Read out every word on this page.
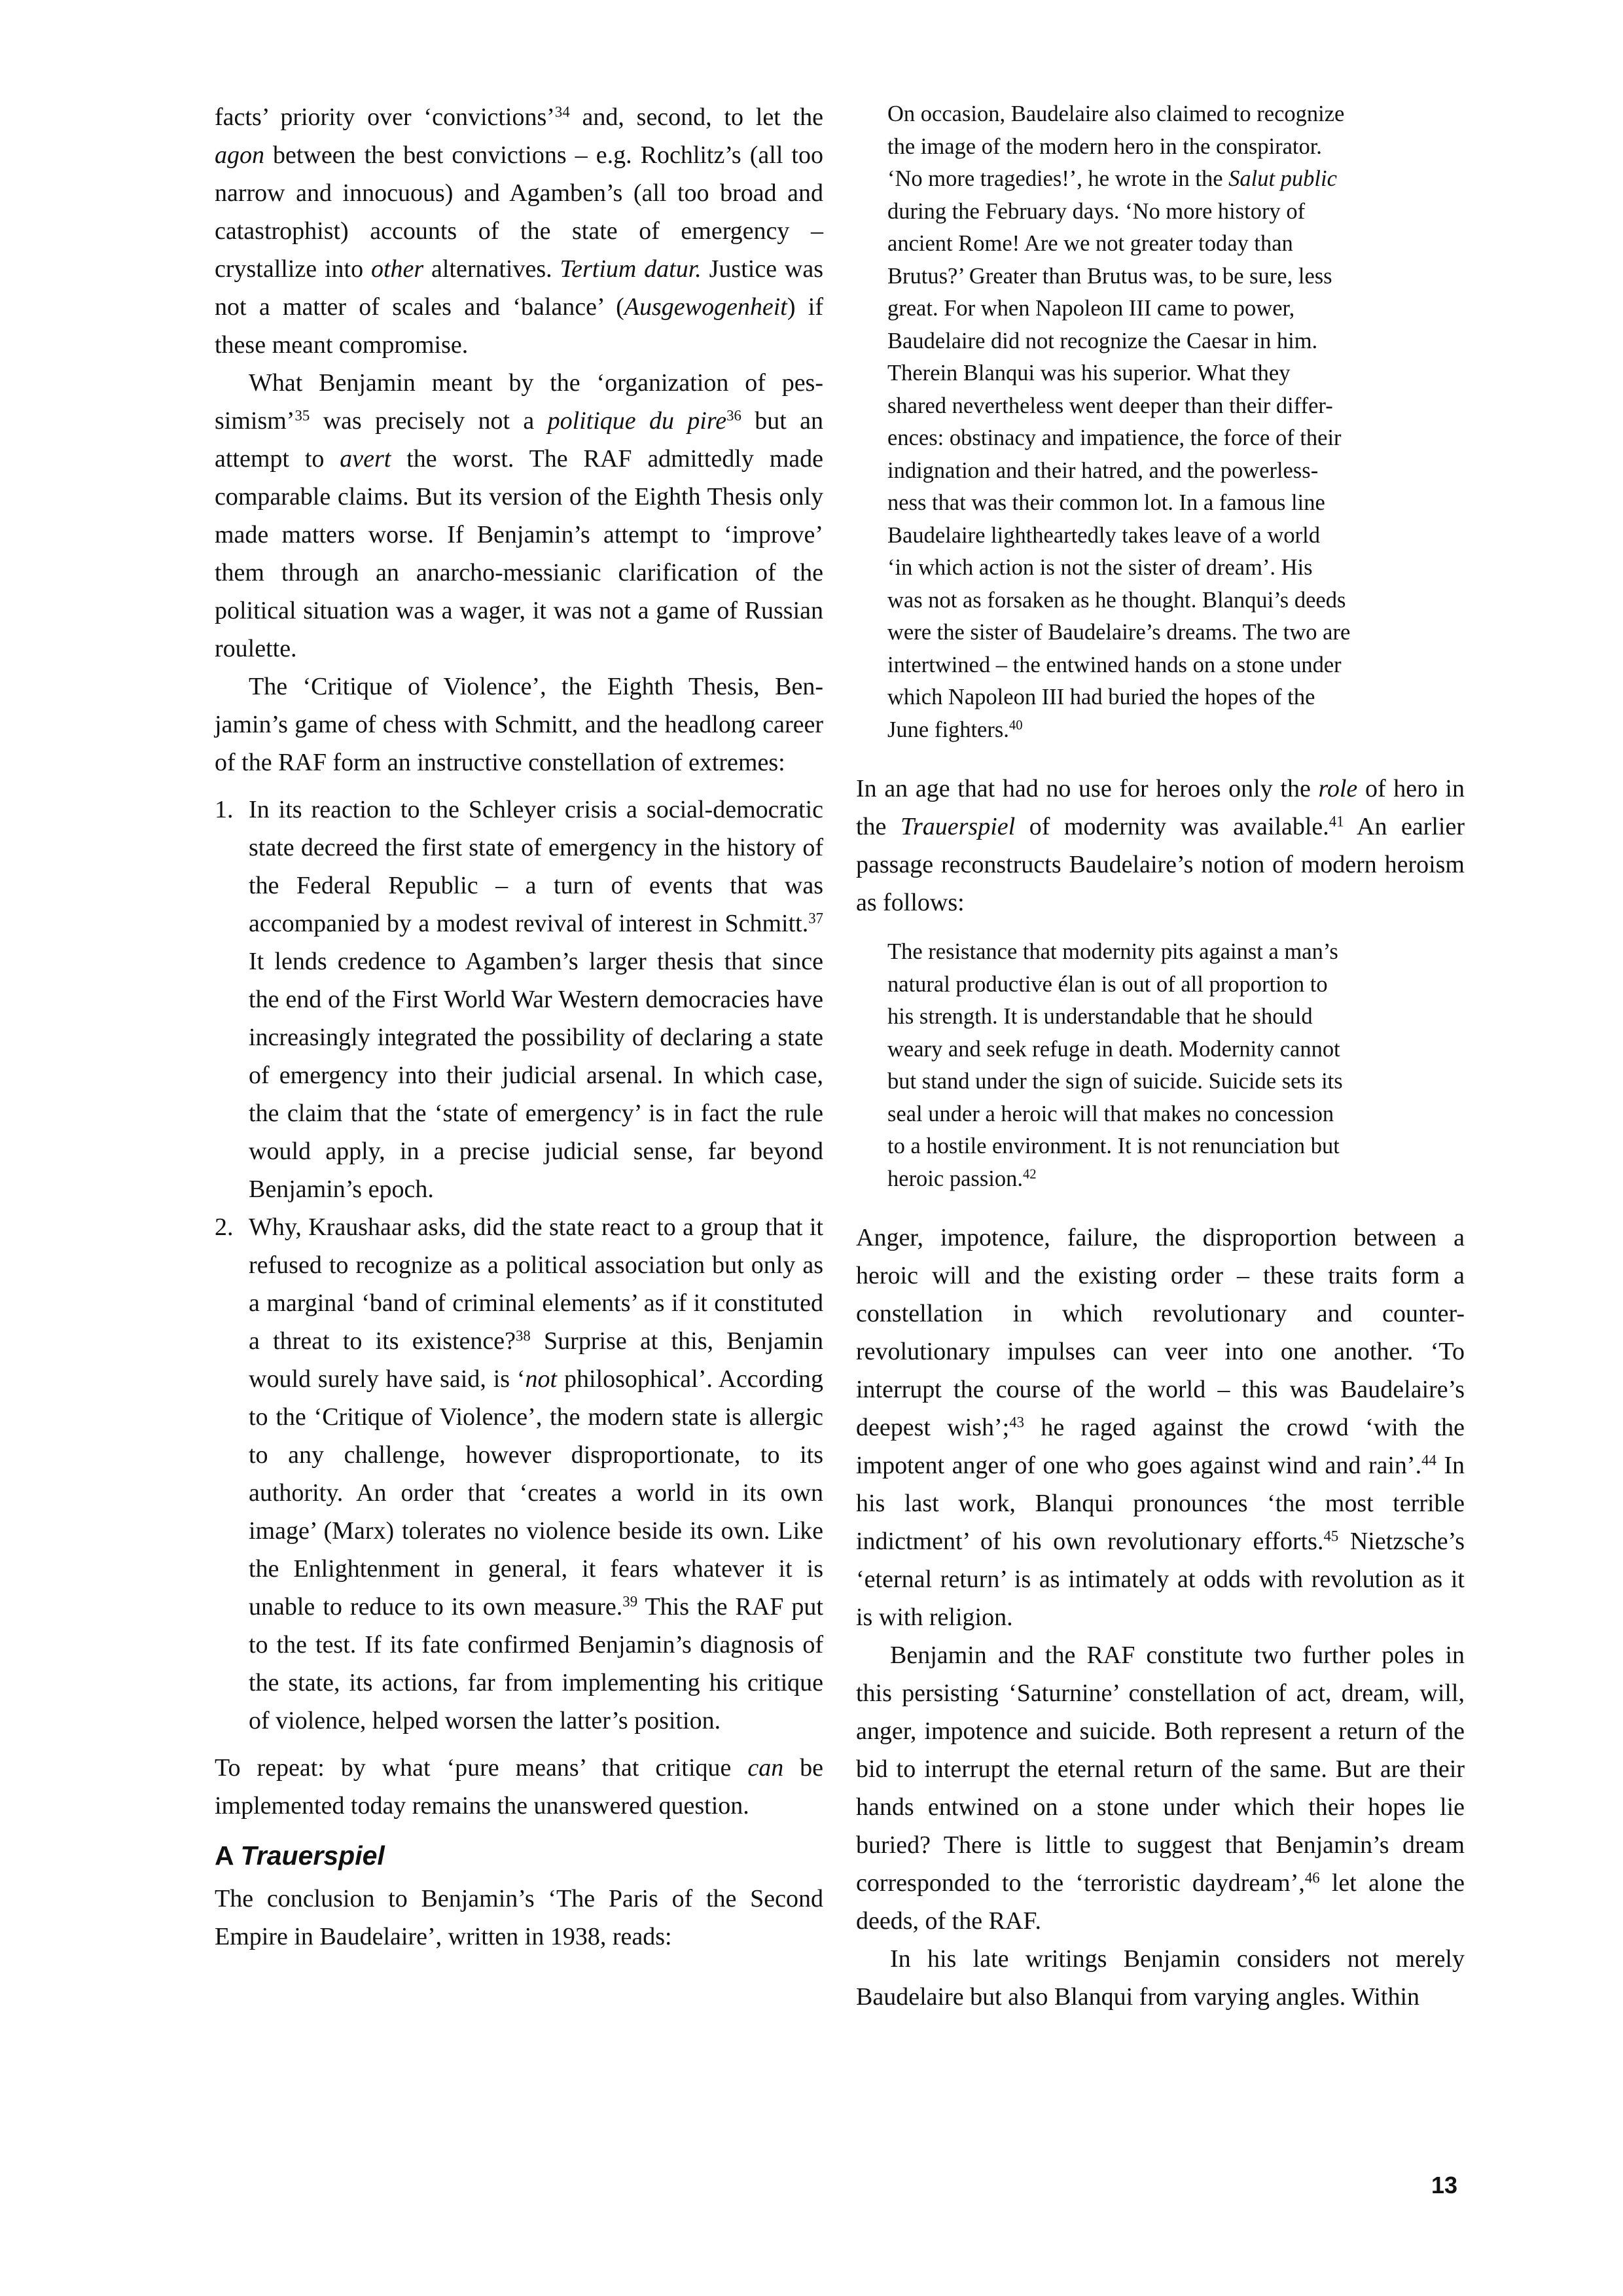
facts’ priority over ‘convictions’$^{34}$ and, second, to let the agon between the best convictions – e.g. Rochlitz’s (all too narrow and innocuous) and Agamben’s (all too broad and catastrophist) accounts of the state of emergency – crystallize into other alternatives. Tertium datur. Justice was not a matter of scales and ‘balance’ (Ausgewogenheit) if these meant compromise.

What Benjamin meant by the ‘organization of pessimism’$^{35}$ was precisely not a politique du pire$^{36}$ but an attempt to avert the worst. The RAF admittedly made comparable claims. But its version of the Eighth Thesis only made matters worse. If Benjamin’s attempt to ‘improve’ them through an anarcho-messianic clarification of the political situation was a wager, it was not a game of Russian roulette.

The ‘Critique of Violence’, the Eighth Thesis, Benjamin’s game of chess with Schmitt, and the headlong career of the RAF form an instructive constellation of extremes:

1. In its reaction to the Schleyer crisis a social-democratic state decreed the first state of emergency in the history of the Federal Republic – a turn of events that was accompanied by a modest revival of interest in Schmitt.$^{37}$ It lends credence to Agamben’s larger thesis that since the end of the First World War Western democracies have increasingly integrated the possibility of declaring a state of emergency into their judicial arsenal. In which case, the claim that the ‘state of emergency’ is in fact the rule would apply, in a precise judicial sense, far beyond Benjamin’s epoch.
2. Why, Kraushaar asks, did the state react to a group that it refused to recognize as a political association but only as a marginal ‘band of criminal elements’ as if it constituted a threat to its existence?$^{38}$ Surprise at this, Benjamin would surely have said, is ‘not philosophical’. According to the ‘Critique of Violence’, the modern state is allergic to any challenge, however disproportionate, to its authority. An order that ‘creates a world in its own image’ (Marx) tolerates no violence beside its own. Like the Enlightenment in general, it fears whatever it is unable to reduce to its own measure.$^{39}$ This the RAF put to the test. If its fate confirmed Benjamin’s diagnosis of the state, its actions, far from implementing his critique of violence, helped worsen the latter’s position.

To repeat: by what ‘pure means’ that critique can be implemented today remains the unanswered question.

A Trauerspiel

The conclusion to Benjamin’s ‘The Paris of the Second Empire in Baudelaire’, written in 1938, reads:

On occasion, Baudelaire also claimed to recognize
the image of the modern hero in the conspirator.
‘No more tragedies!’, he wrote in the Salut public
during the February days. ‘No more history of
ancient Rome! Are we not greater today than
Brutus?’ Greater than Brutus was, to be sure, less
great. For when Napoleon III came to power,
Baudelaire did not recognize the Caesar in him.
Therein Blanqui was his superior. What they
shared nevertheless went deeper than their differ-
ences: obstinacy and impatience, the force of their
indignation and their hatred, and the powerless-
ness that was their common lot. In a famous line
Baudelaire lightheartedly takes leave of a world
‘in which action is not the sister of dream’. His
was not as forsaken as he thought. Blanqui’s deeds
were the sister of Baudelaire’s dreams. The two are
intertwined – the entwined hands on a stone under
which Napoleon III had buried the hopes of the
June fighters.$^{40}$

In an age that had no use for heroes only the role of hero in the Trauerspiel of modernity was available.$^{41}$ An earlier passage reconstructs Baudelaire’s notion of modern heroism as follows:

The resistance that modernity pits against a man’s
natural productive élan is out of all proportion to
his strength. It is understandable that he should
weary and seek refuge in death. Modernity cannot
but stand under the sign of suicide. Suicide sets its
seal under a heroic will that makes no concession
to a hostile environment. It is not renunciation but
heroic passion.$^{42}$

Anger, impotence, failure, the disproportion between a heroic will and the existing order – these traits form a constellation in which revolutionary and counter-revolutionary impulses can veer into one another. ‘To interrupt the course of the world – this was Baudelaire’s deepest wish’;$^{43}$ he raged against the crowd ‘with the impotent anger of one who goes against wind and rain’.$^{44}$ In his last work, Blanqui pronounces ‘the most terrible indictment’ of his own revolutionary efforts.$^{45}$ Nietzsche’s ‘eternal return’ is as intimately at odds with revolution as it is with religion.

Benjamin and the RAF constitute two further poles in this persisting ‘Saturnine’ constellation of act, dream, will, anger, impotence and suicide. Both represent a return of the bid to interrupt the eternal return of the same. But are their hands entwined on a stone under which their hopes lie buried? There is little to suggest that Benjamin’s dream corresponded to the ‘terroristic daydream’,$^{46}$ let alone the deeds, of the RAF.

In his late writings Benjamin considers not merely Baudelaire but also Blanqui from varying angles. Within

13
